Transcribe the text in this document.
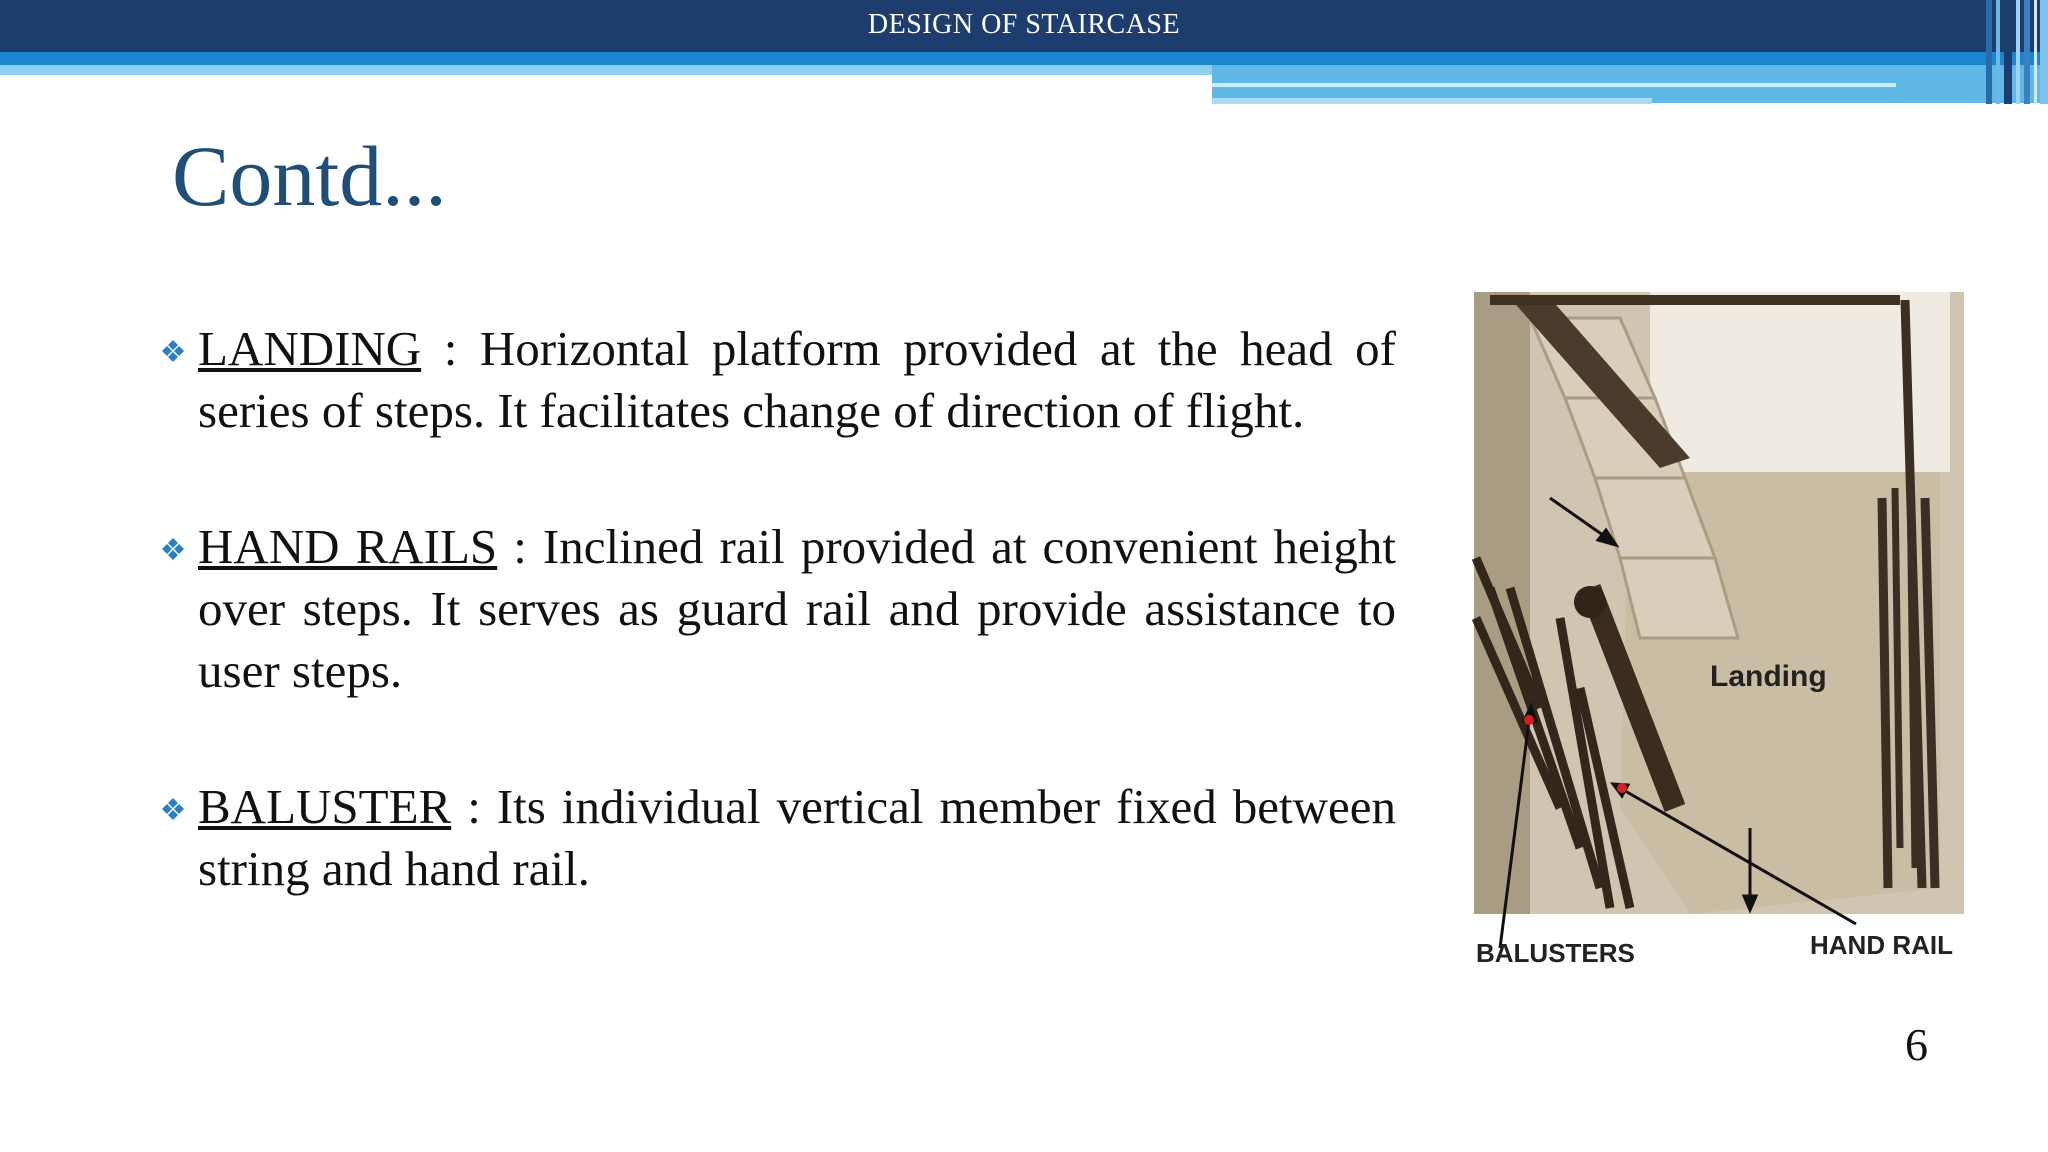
DESIGN OF STAIRCASE
Contd...
LANDING : Horizontal platform provided at the head of series of steps. It facilitates change of direction of flight.
HAND RAILS : Inclined rail provided at convenient height over steps. It serves as guard rail and provide assistance to user steps.
BALUSTER : Its individual vertical member fixed between string and hand rail.
Landing
BALUSTERS	HAND RAIL
6
